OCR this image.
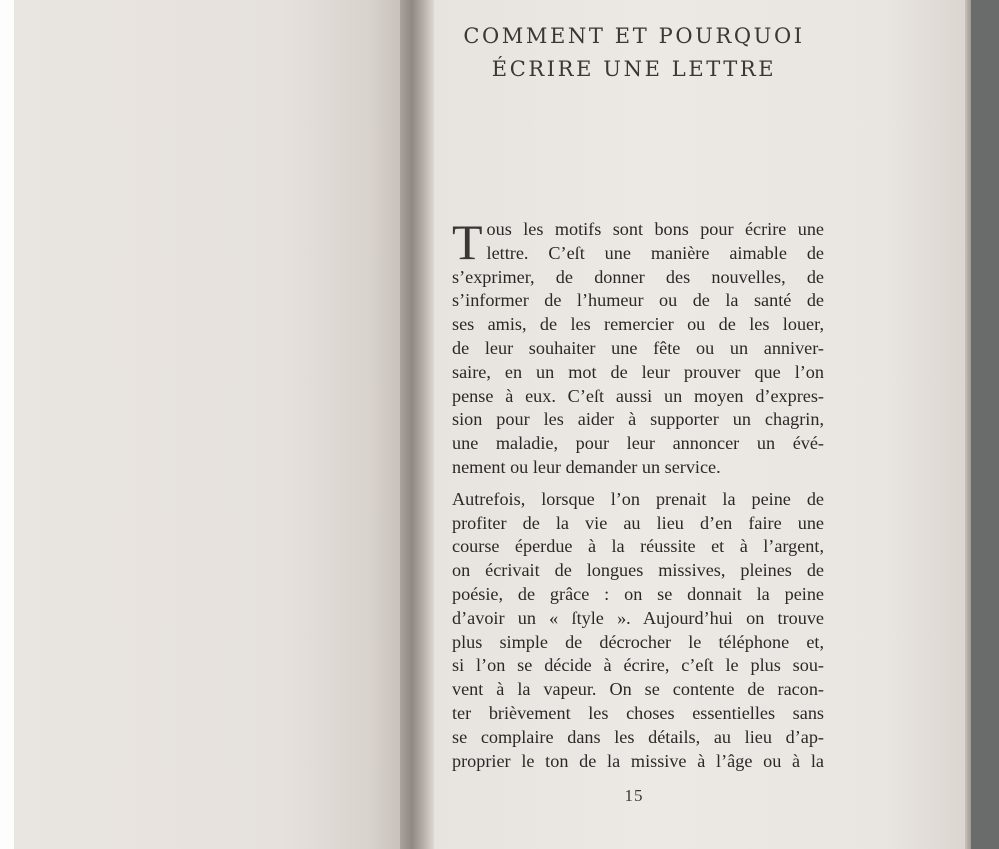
COMMENT ET POURQUOI
ÉCRIRE UNE LETTRE
T ous les motifs sont bons pour écrire une
lettre. C’eſt une manière aimable de
s’exprimer, de donner des nouvelles, de
s’informer de l’humeur ou de la santé de
ses amis, de les remercier ou de les louer,
de leur souhaiter une fête ou un anniver-
saire, en un mot de leur prouver que l’on
pense à eux. C’eſt aussi un moyen d’expres-
sion pour les aider à supporter un chagrin,
une maladie, pour leur annoncer un évé-
nement ou leur demander un service.
Autrefois, lorsque l’on prenait la peine de
profiter de la vie au lieu d’en faire une
course éperdue à la réussite et à l’argent,
on écrivait de longues missives, pleines de
poésie, de grâce : on se donnait la peine
d’avoir un « ſtyle ». Aujourd’hui on trouve
plus simple de décrocher le téléphone et,
si l’on se décide à écrire, c’eſt le plus sou-
vent à la vapeur. On se contente de racon-
ter brièvement les choses essentielles sans
se complaire dans les détails, au lieu d’ap-
proprier le ton de la missive à l’âge ou à la
15
